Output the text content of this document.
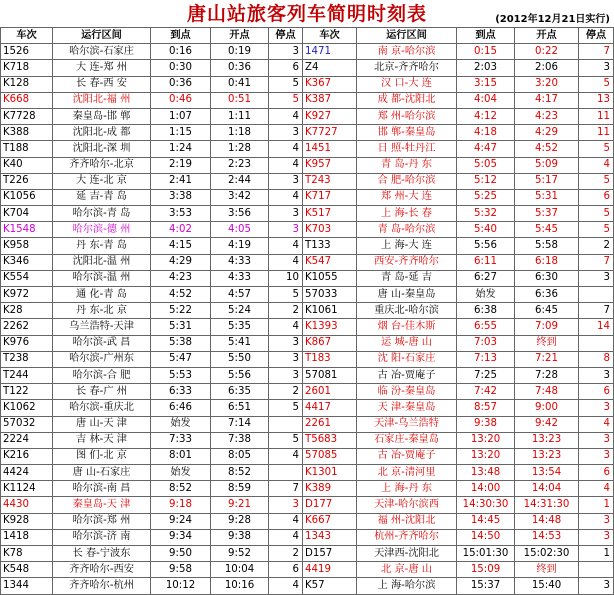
唐山站旅客列车简明时刻表	(2012年12月21日实行)
车次	运行区间	到点	开点	停点	车次	运行区间	到点	开点	停点
1526	哈尔滨-石家庄	0:16	0:19	3	1471	南 京-哈尔滨	0:15	0:22	7
K718	大 连-郑 州	0:30	0:36	6	Z4	北京-齐齐哈尔	2:03	2:06	3
K128	长 春-西 安	0:36	0:41	5	K367	汉 口-大 连	3:15	3:20	5
K668	沈阳北-福 州	0:46	0:51	5	K387	成 都-沈阳北	4:04	4:17	13
K7728	秦皇岛-邯 郸	1:07	1:11	4	K927	郑 州-哈尔滨	4:12	4:23	11
K388	沈阳北-成 都	1:15	1:18	3	K7727	邯 郸-秦皇岛	4:18	4:29	11
T188	沈阳北-深 圳	1:24	1:28	4	1451	日 照-牡丹江	4:47	4:52	5
K40	齐齐哈尔-北京	2:19	2:23	4	K957	青 岛-丹 东	5:05	5:09	4
T226	大 连-北 京	2:41	2:44	3	T243	合 肥-哈尔滨	5:12	5:17	5
K1056	延 吉-青 岛	3:38	3:42	4	K717	郑 州-大 连	5:25	5:31	6
K704	哈尔滨-青 岛	3:53	3:56	3	K517	上 海-长 春	5:32	5:37	5
K1548	哈尔滨-德 州	4:02	4:05	3	K703	青 岛-哈尔滨	5:40	5:45	5
K958	丹 东-青 岛	4:15	4:19	4	T133	上 海-大 连	5:56	5:58	2
K346	沈阳北-温 州	4:29	4:33	4	K547	西安-齐齐哈尔	6:11	6:18	7
K554	哈尔滨-温 州	4:23	4:33	10	K1055	青 岛-延 吉	6:27	6:30	3
K972	通 化-青 岛	4:52	4:57	5	57033	唐 山-秦皇岛	始发	6:36	
K28	丹 东-北 京	5:22	5:24	2	K1061	重庆北-哈尔滨	6:38	6:45	7
2262	乌兰浩特-天津	5:31	5:35	4	K1393	烟 台-佳木斯	6:55	7:09	14
K976	哈尔滨-武 昌	5:38	5:41	3	K867	运 城-唐 山	7:03	终到	
T238	哈尔滨-广州东	5:47	5:50	3	T183	沈 阳-石家庄	7:13	7:21	8
T244	哈尔滨-合 肥	5:53	5:56	3	57081	古 冶-贾庵子	7:25	7:28	3
T122	长 春-广 州	6:33	6:35	2	2601	临 汾-秦皇岛	7:42	7:48	6
K1062	哈尔滨-重庆北	6:46	6:51	5	4417	天 津-秦皇岛	8:57	9:00	3
57032	唐 山-天 津	始发	7:14		2261	天津-乌兰浩特	9:38	9:42	4
2224	吉 林-天 津	7:33	7:38	5	T5683	石家庄-秦皇岛	13:20	13:23	3
K216	图 们-北 京	8:01	8:05	4	57085	古 冶-贾庵子	13:20	13:23	3
4424	唐 山-石家庄	始发	8:52		K1301	北 京-清河里	13:48	13:54	6
K1124	哈尔滨-南 昌	8:52	8:59	7	K389	上 海-丹 东	14:00	14:04	4
4430	秦皇岛-天 津	9:18	9:21	3	D177	天津-哈尔滨西	14:30:30	14:31:30	1
K928	哈尔滨-郑 州	9:24	9:28	4	K667	福 州-沈阳北	14:45	14:48	3
1418	哈尔滨-济 南	9:34	9:38	4	1343	杭州-齐齐哈尔	14:50	14:53	3
K78	长 春-宁波东	9:50	9:52	2	D157	天津西-沈阳北	15:01:30	15:02:30	1
K548	齐齐哈尔-西安	9:58	10:04	6	4419	北 京-唐 山	15:09	终到	
1344	齐齐哈尔-杭州	10:12	10:16	4	K57	上 海-哈尔滨	15:37	15:40	3
